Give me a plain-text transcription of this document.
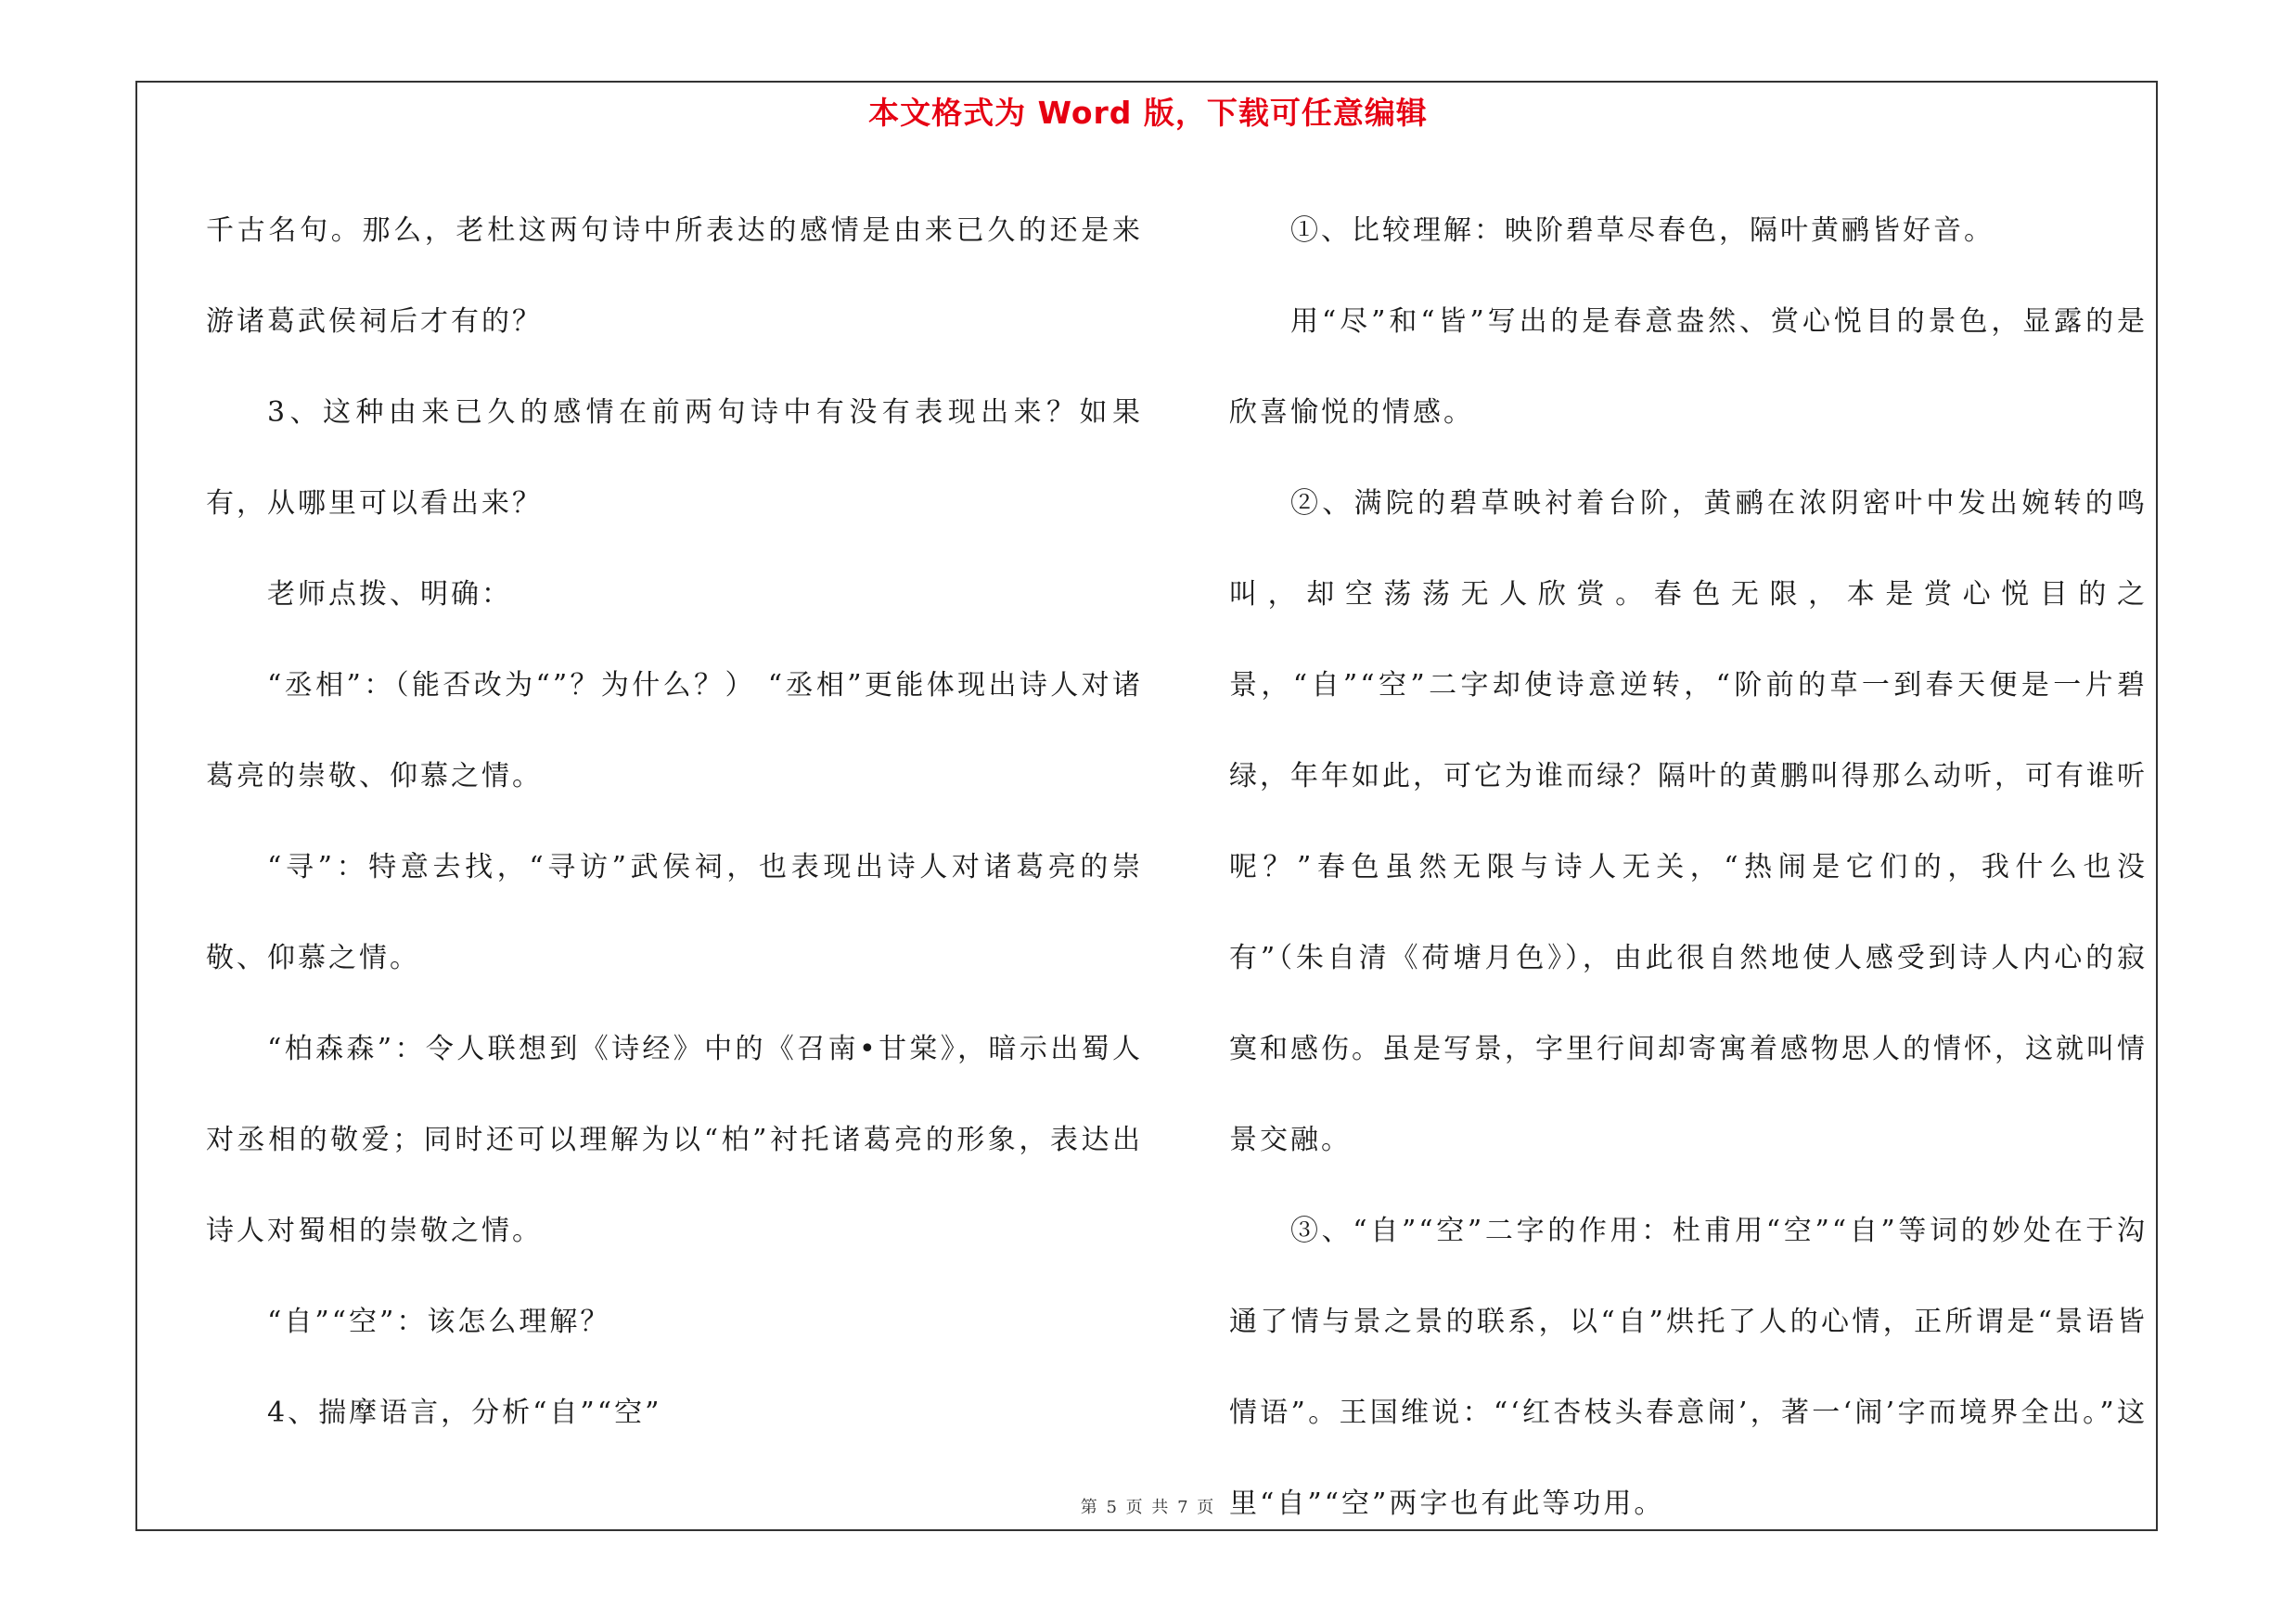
本文格式为 Word 版，下载可任意编辑

千古名句。那么，老杜这两句诗中所表达的感情是由来已久的还是来游诸葛武侯祠后才有的？

3、这种由来已久的感情在前两句诗中有没有表现出来？如果有，从哪里可以看出来？

老师点拨、明确：

“丞相”：（能否改为“”？为什么？） “丞相”更能体现出诗人对诸葛亮的崇敬、仰慕之情。

“寻”：特意去找，“寻访”武侯祠，也表现出诗人对诸葛亮的崇敬、仰慕之情。

“柏森森”：令人联想到《诗经》中的《召南•甘棠》，暗示出蜀人对丞相的敬爱；同时还可以理解为以“柏”衬托诸葛亮的形象，表达出诗人对蜀相的崇敬之情。

“自”“空”：该怎么理解？

4、揣摩语言，分析“自”“空”

①、比较理解：映阶碧草尽春色，隔叶黄鹂皆好音。

用“尽”和“皆”写出的是春意盎然、赏心悦目的景色，显露的是欣喜愉悦的情感。

②、满院的碧草映衬着台阶，黄鹂在浓阴密叶中发出婉转的鸣叫，却空荡荡无人欣赏。春色无限，本是赏心悦目的之景，“自”“空”二字却使诗意逆转，“阶前的草一到春天便是一片碧绿，年年如此，可它为谁而绿？隔叶的黄鹏叫得那么动听，可有谁听呢？”春色虽然无限与诗人无关，“热闹是它们的，我什么也没有”（朱自清《荷塘月色》），由此很自然地使人感受到诗人内心的寂寞和感伤。虽是写景，字里行间却寄寓着感物思人的情怀，这就叫情景交融。

③、“自”“空”二字的作用：杜甫用“空”“自”等词的妙处在于沟通了情与景之景的联系，以“自”烘托了人的心情，正所谓是“景语皆情语”。王国维说：“‘红杏枝头春意闹’，著一‘闹’字而境界全出。”这里“自”“空”两字也有此等功用。

第 5 页 共 7 页
